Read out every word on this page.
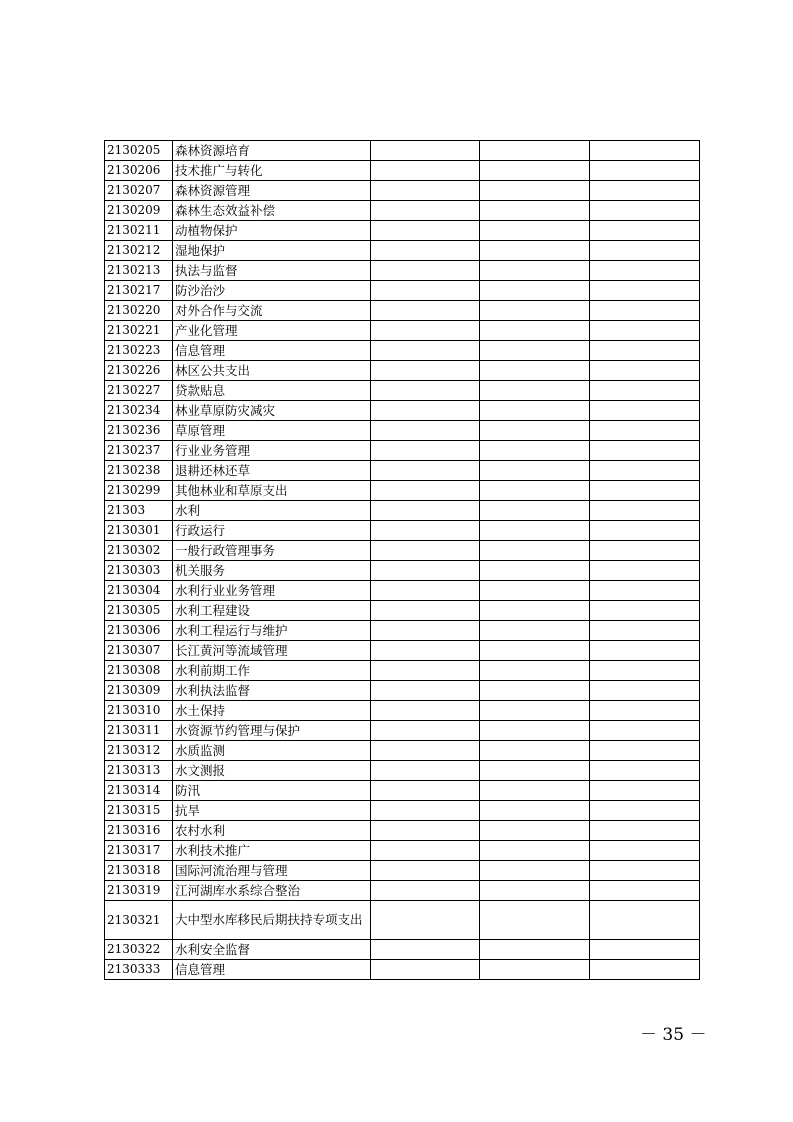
2130205	森林资源培育			
2130206	技术推广与转化			
2130207	森林资源管理			
2130209	森林生态效益补偿			
2130211	动植物保护			
2130212	湿地保护			
2130213	执法与监督			
2130217	防沙治沙			
2130220	对外合作与交流			
2130221	产业化管理			
2130223	信息管理			
2130226	林区公共支出			
2130227	贷款贴息			
2130234	林业草原防灾减灾			
2130236	草原管理			
2130237	行业业务管理			
2130238	退耕还林还草			
2130299	其他林业和草原支出			
21303	水利			
2130301	行政运行			
2130302	一般行政管理事务			
2130303	机关服务			
2130304	水利行业业务管理			
2130305	水利工程建设			
2130306	水利工程运行与维护			
2130307	长江黄河等流域管理			
2130308	水利前期工作			
2130309	水利执法监督			
2130310	水土保持			
2130311	水资源节约管理与保护			
2130312	水质监测			
2130313	水文测报			
2130314	防汛			
2130315	抗旱			
2130316	农村水利			
2130317	水利技术推广			
2130318	国际河流治理与管理			
2130319	江河湖库水系综合整治			
2130321	大中型水库移民后期扶持专项支出			
2130322	水利安全监督			
2130333	信息管理			
－ 35 －
